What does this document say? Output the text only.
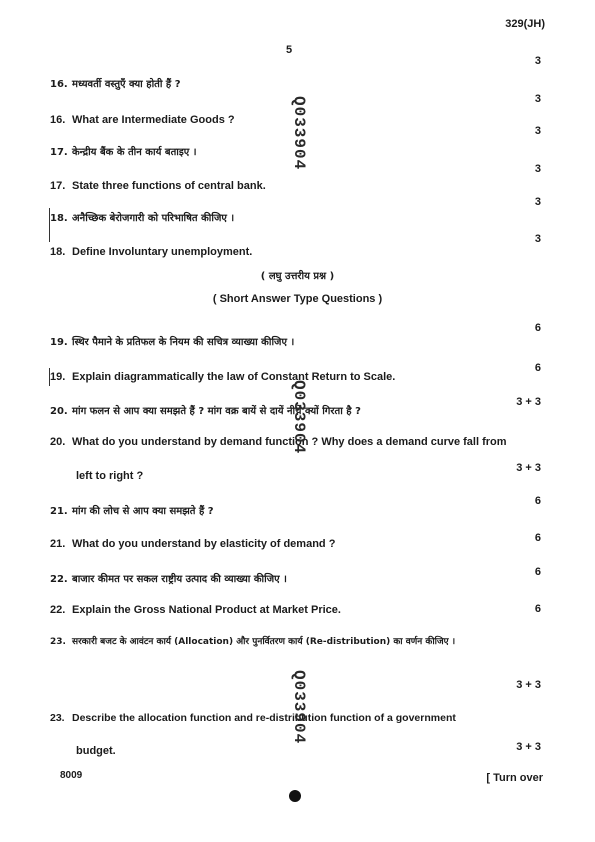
329(JH)
5
3
3
3
3
3
3
16. मध्यवर्ती वस्तुएँ क्या होती हैं ?
16. What are Intermediate Goods ?
17. केन्द्रीय बैंक के तीन कार्य बताइए ।
17. State three functions of central bank.
18. अनैच्छिक बेरोजगारी को परिभाषित कीजिए ।
18. Define Involuntary unemployment.
( लघु उत्तरीय प्रश्न )
( Short Answer Type Questions )
6
19. स्थिर पैमाने के प्रतिफल के नियम की सचित्र व्याख्या कीजिए ।
6
19. Explain diagrammatically the law of Constant Return to Scale.
3 + 3
20. मांग फलन से आप क्या समझते हैं ? मांग वक्र बायें से दायें नीचे क्यों गिरता है ?
20. What do you understand by demand function ? Why does a demand curve fall from
3 + 3
left to right ?
6
21. मांग की लोच से आप क्या समझते हैं ?
6
21. What do you understand by elasticity of demand ?
6
22. बाजार कीमत पर सकल राष्ट्रीय उत्पाद की व्याख्या कीजिए ।
6
22. Explain the Gross National Product at Market Price.
23. सरकारी बजट के आवंटन कार्य (Allocation) और पुनर्वितरण कार्य (Re-distribution) का वर्णन कीजिए ।
3 + 3
23. Describe the allocation function and re-distribution function of a government
3 + 3
budget.
Q033904
Q033904
Q033904
8009	[ Turn over
